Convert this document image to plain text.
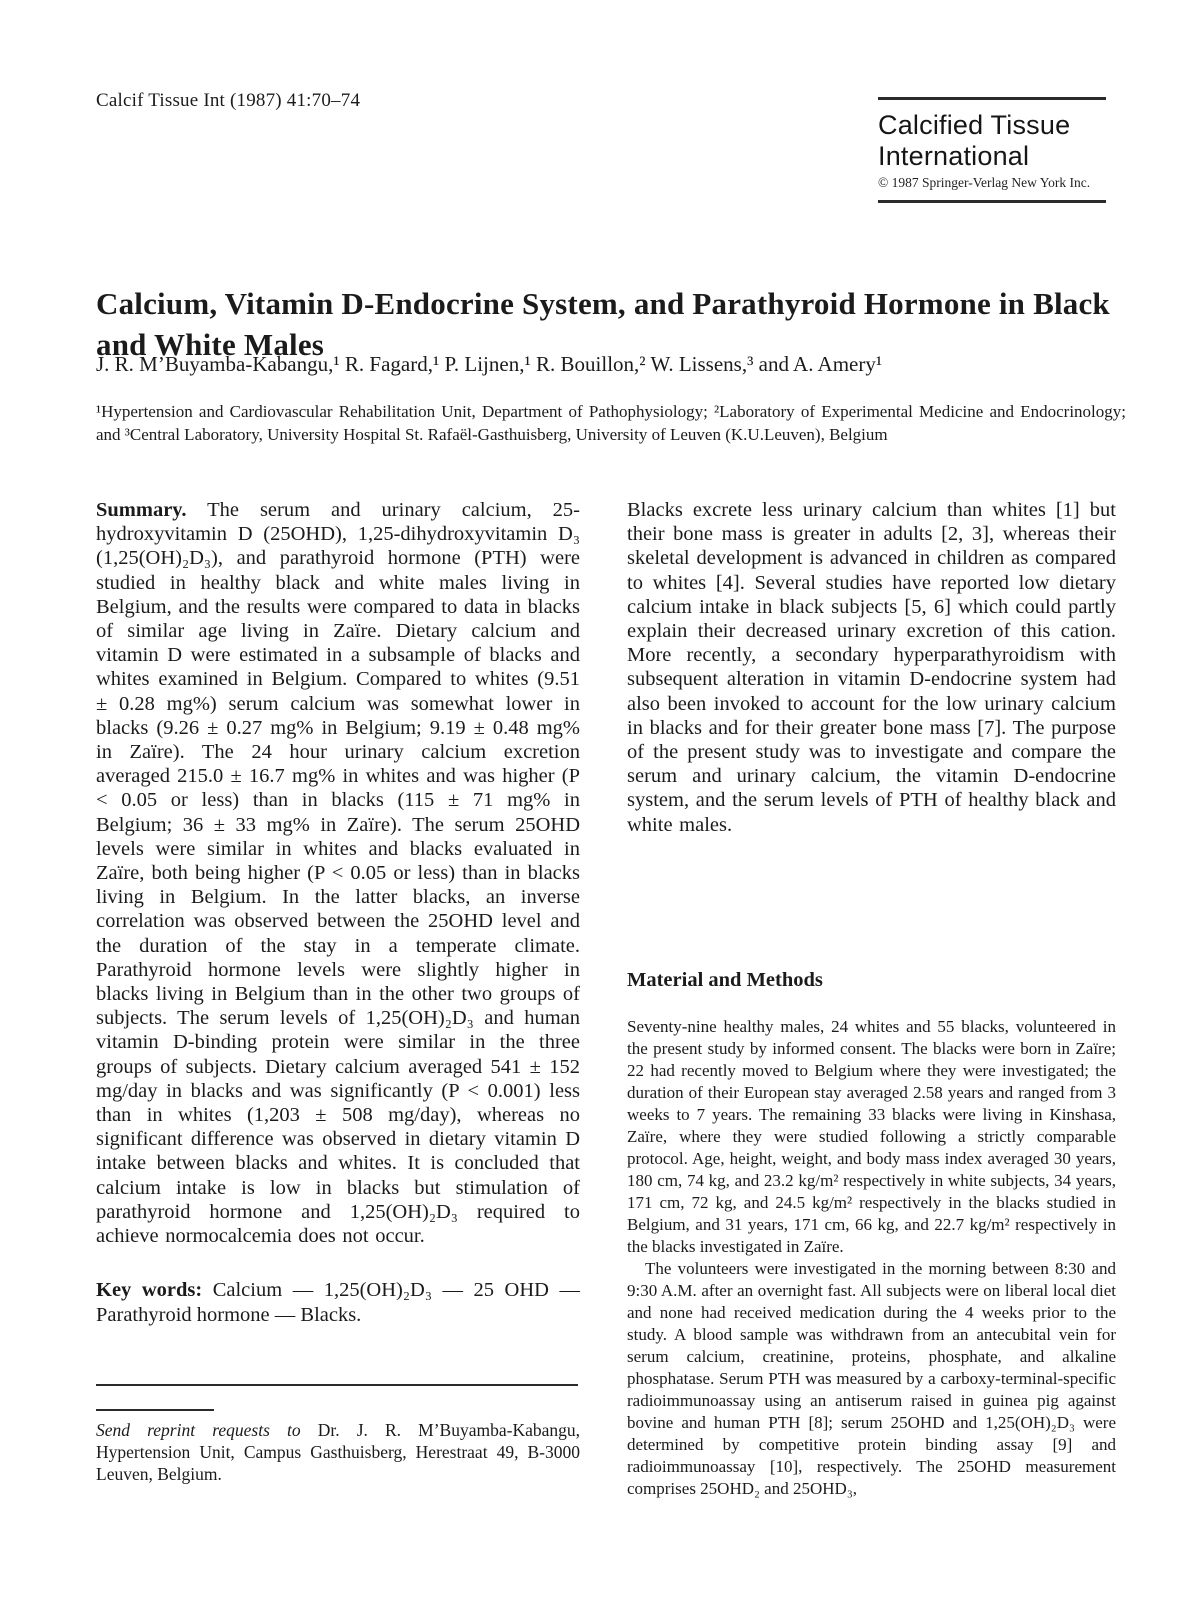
Calcif Tissue Int (1987) 41:70–74
Calcified Tissue
International
© 1987 Springer-Verlag New York Inc.
Calcium, Vitamin D-Endocrine System, and Parathyroid Hormone in Black and White Males
J. R. M’Buyamba-Kabangu,¹ R. Fagard,¹ P. Lijnen,¹ R. Bouillon,² W. Lissens,³ and A. Amery¹
¹Hypertension and Cardiovascular Rehabilitation Unit, Department of Pathophysiology; ²Laboratory of Experimental Medicine and Endocrinology; and ³Central Laboratory, University Hospital St. Rafaël-Gasthuisberg, University of Leuven (K.U.Leuven), Belgium

Summary. The serum and urinary calcium, 25-hydroxyvitamin D (25OHD), 1,25-dihydroxyvitamin D₃ (1,25(OH)₂D₃), and parathyroid hormone (PTH) were studied in healthy black and white males living in Belgium, and the results were compared to data in blacks of similar age living in Zaïre. Dietary calcium and vitamin D were estimated in a subsample of blacks and whites examined in Belgium. Compared to whites (9.51 ± 0.28 mg%) serum calcium was somewhat lower in blacks (9.26 ± 0.27 mg% in Belgium; 9.19 ± 0.48 mg% in Zaïre). The 24 hour urinary calcium excretion averaged 215.0 ± 16.7 mg% in whites and was higher (P < 0.05 or less) than in blacks (115 ± 71 mg% in Belgium; 36 ± 33 mg% in Zaïre). The serum 25OHD levels were similar in whites and blacks evaluated in Zaïre, both being higher (P < 0.05 or less) than in blacks living in Belgium. In the latter blacks, an inverse correlation was observed between the 25OHD level and the duration of the stay in a temperate climate. Parathyroid hormone levels were slightly higher in blacks living in Belgium than in the other two groups of subjects. The serum levels of 1,25(OH)₂D₃ and human vitamin D-binding protein were similar in the three groups of subjects. Dietary calcium averaged 541 ± 152 mg/day in blacks and was significantly (P < 0.001) less than in whites (1,203 ± 508 mg/day), whereas no significant difference was observed in dietary vitamin D intake between blacks and whites. It is concluded that calcium intake is low in blacks but stimulation of parathyroid hormone and 1,25(OH)₂D₃ required to achieve normocalcemia does not occur.

Key words: Calcium — 1,25(OH)₂D₃ — 25 OHD — Parathyroid hormone — Blacks.

Blacks excrete less urinary calcium than whites [1] but their bone mass is greater in adults [2, 3], whereas their skeletal development is advanced in children as compared to whites [4]. Several studies have reported low dietary calcium intake in black subjects [5, 6] which could partly explain their decreased urinary excretion of this cation. More recently, a secondary hyperparathyroidism with subsequent alteration in vitamin D-endocrine system had also been invoked to account for the low urinary calcium in blacks and for their greater bone mass [7]. The purpose of the present study was to investigate and compare the serum and urinary calcium, the vitamin D-endocrine system, and the serum levels of PTH of healthy black and white males.

Material and Methods

Seventy-nine healthy males, 24 whites and 55 blacks, volunteered in the present study by informed consent. The blacks were born in Zaïre; 22 had recently moved to Belgium where they were investigated; the duration of their European stay averaged 2.58 years and ranged from 3 weeks to 7 years. The remaining 33 blacks were living in Kinshasa, Zaïre, where they were studied following a strictly comparable protocol. Age, height, weight, and body mass index averaged 30 years, 180 cm, 74 kg, and 23.2 kg/m² respectively in white subjects, 34 years, 171 cm, 72 kg, and 24.5 kg/m² respectively in the blacks studied in Belgium, and 31 years, 171 cm, 66 kg, and 22.7 kg/m² respectively in the blacks investigated in Zaïre.

The volunteers were investigated in the morning between 8:30 and 9:30 A.M. after an overnight fast. All subjects were on liberal local diet and none had received medication during the 4 weeks prior to the study. A blood sample was withdrawn from an antecubital vein for serum calcium, creatinine, proteins, phosphate, and alkaline phosphatase. Serum PTH was measured by a carboxy-terminal-specific radioimmunoassay using an antiserum raised in guinea pig against bovine and human PTH [8]; serum 25OHD and 1,25(OH)₂D₃ were determined by competitive protein binding assay [9] and radioimmunoassay [10], respectively. The 25OHD measurement comprises 25OHD₂ and 25OHD₃,

Send reprint requests to Dr. J. R. M’Buyamba-Kabangu, Hypertension Unit, Campus Gasthuisberg, Herestraat 49, B-3000 Leuven, Belgium.
